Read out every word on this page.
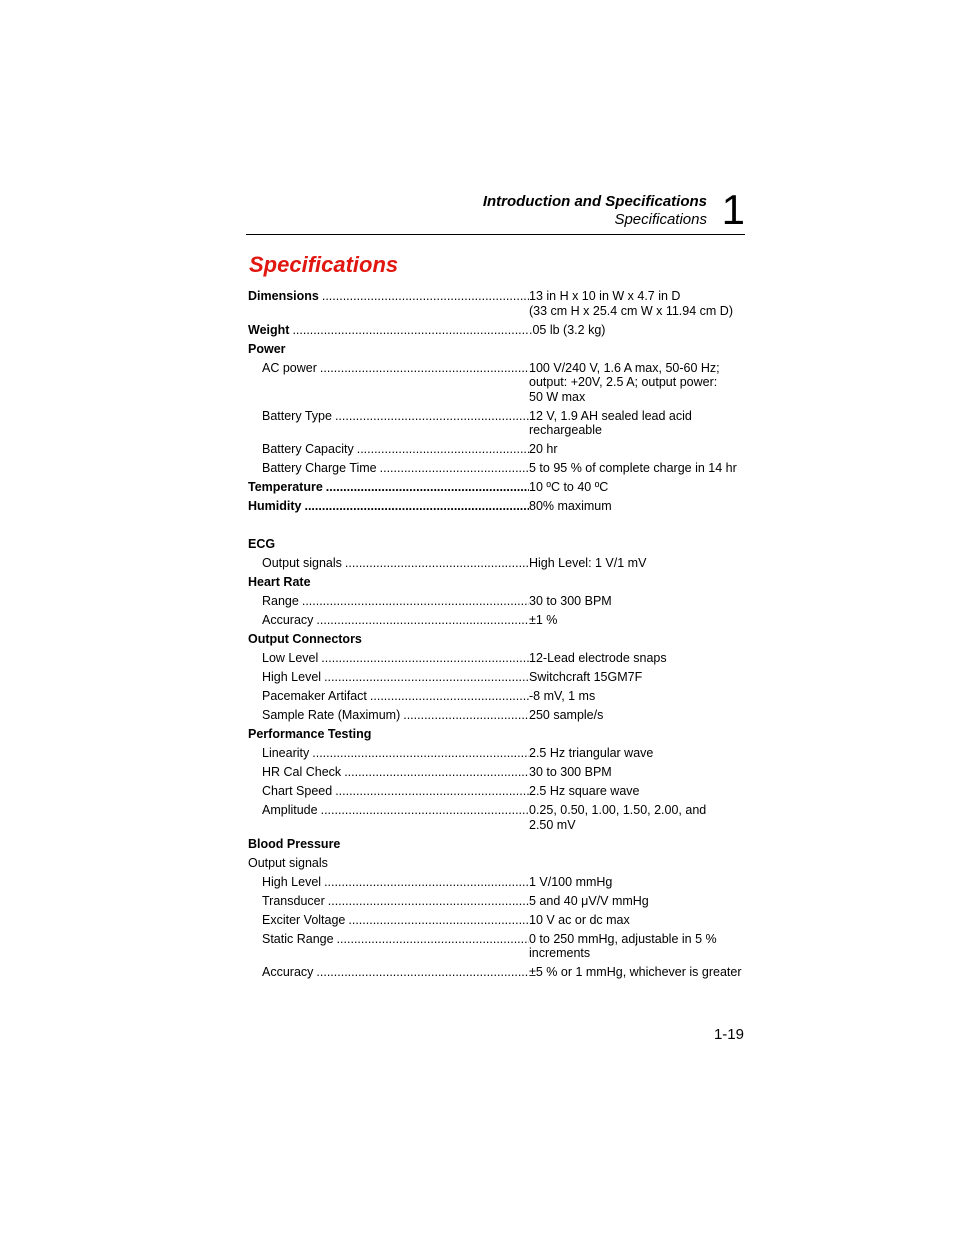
Introduction and Specifications
Specifications 1
Specifications
Dimensions .....	13 in H x 10 in W x 4.7 in D
(33 cm H x 25.4 cm W x 11.94 cm D)
Weight .....	.05 lb (3.2 kg)
Power
AC power .....	100 V/240 V, 1.6 A max, 50-60 Hz;
output: +20V, 2.5 A; output power:
50 W max
Battery Type .....	12 V, 1.9 AH sealed lead acid
rechargeable
Battery Capacity .....	20 hr
Battery Charge Time .....	5 to 95 % of complete charge in 14 hr
Temperature .....	10 ºC to 40 ºC
Humidity .....	80% maximum
ECG
Output signals .....	High Level: 1 V/1 mV
Heart Rate
Range .....	30 to 300 BPM
Accuracy .....	±1 %
Output Connectors
Low Level .....	12-Lead electrode snaps
High Level .....	Switchcraft 15GM7F
Pacemaker Artifact .....	-8 mV, 1 ms
Sample Rate (Maximum) .....	250 sample/s
Performance Testing
Linearity .....	2.5 Hz triangular wave
HR Cal Check .....	30 to 300 BPM
Chart Speed .....	2.5 Hz square wave
Amplitude .....	0.25, 0.50, 1.00, 1.50, 2.00, and
2.50 mV
Blood Pressure
Output signals
High Level .....	1 V/100 mmHg
Transducer .....	5 and 40 μV/V mmHg
Exciter Voltage .....	10 V ac or dc max
Static Range .....	0 to 250 mmHg, adjustable in 5 %
increments
Accuracy .....	±5 % or 1 mmHg, whichever is greater
1-19
